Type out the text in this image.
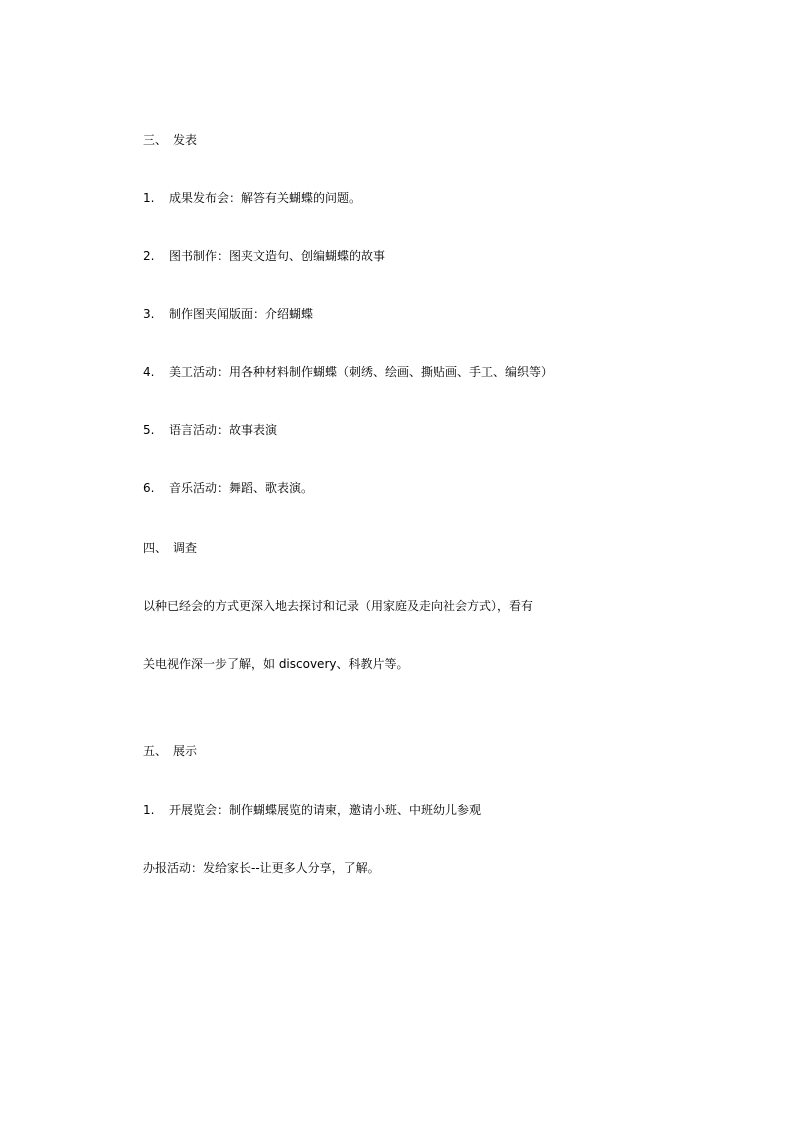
三、 发表
1. 成果发布会：解答有关蝴蝶的问题。
2. 图书制作：图夹文造句、创编蝴蝶的故事
3. 制作图夹闻版面：介绍蝴蝶
4. 美工活动：用各种材料制作蝴蝶（刺绣、绘画、撕贴画、手工、编织等）
5. 语言活动：故事表演
6. 音乐活动：舞蹈、歌表演。
四、 调查
以种已经会的方式更深入地去探讨和记录（用家庭及走向社会方式），看有
关电视作深一步了解，如 discovery、科教片等。
五、 展示
1. 开展览会：制作蝴蝶展览的请柬，邀请小班、中班幼儿参观
办报活动：发给家长--让更多人分享，了解。
